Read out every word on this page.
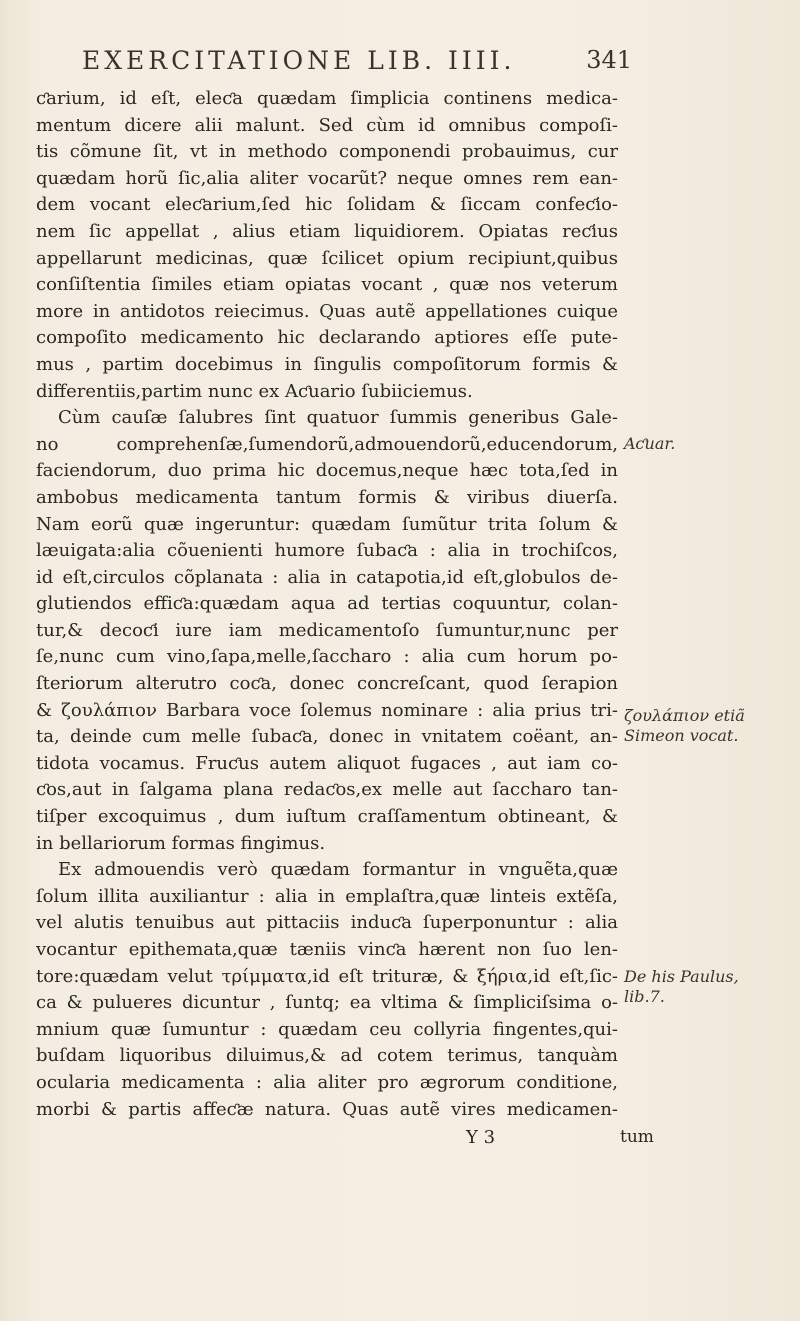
EXERCITATIONE LIB. IIII.	341
ƈarium, id eſt, eleƈa quædam ſimplicia continens medica-
mentum dicere alii malunt. Sed cùm id omnibus compoſi-
tis cõmune ſit, vt in methodo componendi probauimus, cur
quædam horũ ſic,alia aliter vocarũt? neque omnes rem ean-
dem vocant eleƈarium,ſed hic ſolidam & ſiccam confeƈio-
nem ſic appellat , alius etiam liquidiorem. Opiatas reƈius
appellarunt medicinas, quæ ſcilicet opium recipiunt,quibus
conſiſtentia ſimiles etiam opiatas vocant , quæ nos veterum
more in antidotos reiecimus. Quas autẽ appellationes cuique
compoſito medicamento hic declarando aptiores eſſe pute-
mus , partim docebimus in ſingulis compoſitorum formis &
differentiis,partim nunc ex Aƈuario ſubiiciemus.
Cùm cauſæ ſalubres ſint quatuor ſummis generibus Gale-
no comprehenſæ,ſumendorũ,admouendorũ,educendorum,
faciendorum, duo prima hic docemus,neque hæc tota,ſed in
ambobus medicamenta tantum formis & viribus diuerſa.
Nam eorũ quæ ingeruntur: quædam ſumũtur trita ſolum &
læuigata:alia cõuenienti humore ſubaƈa : alia in trochiſcos,
id eſt,circulos cõplanata : alia in catapotia,id eſt,globulos de-
glutiendos effiƈa:quædam aqua ad tertias coquuntur, colan-
tur,& decoƈi iure iam medicamentoſo ſumuntur,nunc per
ſe,nunc cum vino,ſapa,melle,ſaccharo : alia cum horum po-
ſteriorum alterutro coƈa, donec concreſcant, quod ſerapion
& ζουλάπιον Barbara voce ſolemus nominare : alia prius tri-
ta, deinde cum melle ſubaƈa, donec in vnitatem coëant, an-
tidota vocamus. Fruƈus autem aliquot fugaces , aut iam co-
ƈos,aut in ſalgama plana redaƈos,ex melle aut ſaccharo tan-
tiſper excoquimus , dum iuſtum craſſamentum obtineant, &
in bellariorum formas fingimus.
Ex admouendis verò quædam formantur in vnguẽta,quæ
ſolum illita auxiliantur : alia in emplaſtra,quæ linteis extẽſa,
vel alutis tenuibus aut pittaciis induƈa ſuperponuntur : alia
vocantur epithemata,quæ tæniis vinƈa hærent non ſuo len-
tore:quædam velut τρίμματα,id eſt trituræ, & ξήρια,id eſt,ſic-
ca & pulueres dicuntur , ſuntq; ea vltima & ſimpliciſsima o-
mnium quæ ſumuntur : quædam ceu collyria fingentes,qui-
buſdam liquoribus diluimus,& ad cotem terimus, tanquàm
ocularia medicamenta : alia aliter pro ægrorum conditione,
morbi & partis affeƈæ natura. Quas autẽ vires medicamen-
Aƈuar.
ζουλάπιον etiã
Simeon vocat.
De his Paulus,
lib.7.
Y 3	tum
